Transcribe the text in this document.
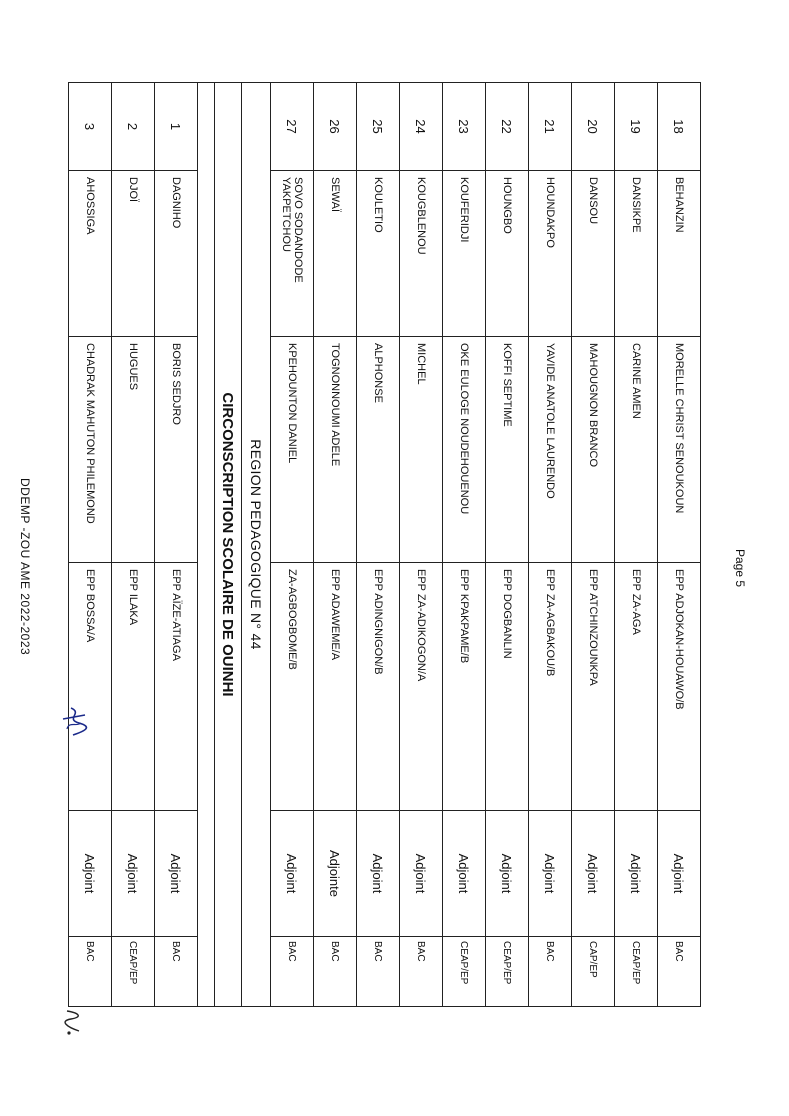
Page 5
18	BEHANZIN	MORELLE CHRIST SENOUKOUN	EPP ADJOKAN-HOUAWO/B	Adjoint	BAC
19	DANSIKPE	CARINE AMEN	EPP ZA-AGA	Adjoint	CEAP/EP
20	DANSOU	MAHOUGNON BRANCO	EPP ATCHINZOUNKPA	Adjoint	CAP/EP
21	HOUNDAKPO	YAVIDE ANATOLE LAURENDO	EPP ZA-AGBAKOU/B	Adjoint	BAC
22	HOUNGBO	KOFFI SEPTIME	EPP DOGBANLIN	Adjoint	CEAP/EP
23	KOUFERIDJI	OKE EULOGE NOUDEHOUENOU	EPP KPAKPAME/B	Adjoint	CEAP/EP
24	KOUGBLENOU	MICHEL	EPP ZA-ADIKOGON/A	Adjoint	BAC
25	KOULETIO	ALPHONSE	EPP ADINGNIGON/B	Adjoint	BAC
26	SEWAÏ	TOGNONNOUMI ADELE	EPP ADAWEME/A	Adjointe	BAC
27	SOVO SODANDODE YAKPETCHOU	KPEHOUNTON DANIEL	ZA-AGBOGBOME/B	Adjoint	BAC
REGION PEDAGOGIQUE N° 44					
CIRCONSCRIPTION SCOLAIRE DE OUINHI					

1	DAGNIHO	BORIS SEDJRO	EPP AÏZE-ATIAGA	Adjoint	BAC
2	DJOÏ	HUGUES	EPP ILAKA	Adjoint	CEAP/EP
3	AHOSSIGA	CHADRAK MAHUTON PHILEMOND	EPP BOSSA/A	Adjoint	BAC
DDEMP -ZOU AME 2022-2023
